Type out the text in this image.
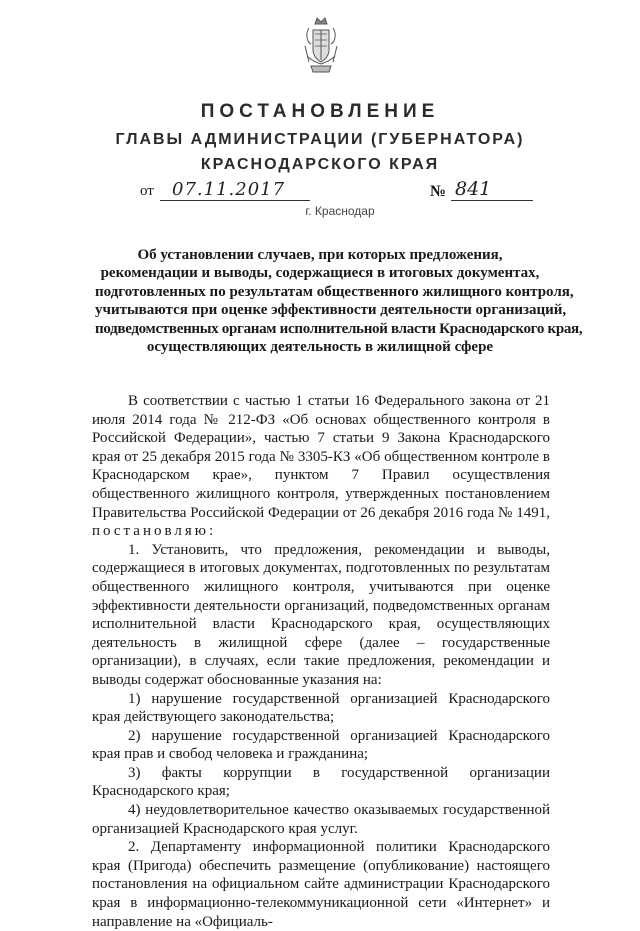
ПОСТАНОВЛЕНИЕ
ГЛАВЫ АДМИНИСТРАЦИИ (ГУБЕРНАТОРА)
КРАСНОДАРСКОГО КРАЯ
от 07.11.2017	№ 841
г. Краснодар
Об установлении случаев, при которых предложения,
рекомендации и выводы, содержащиеся в итоговых документах,
подготовленных по результатам общественного жилищного контроля,
учитываются при оценке эффективности деятельности организаций,
подведомственных органам исполнительной власти Краснодарского края,
осуществляющих деятельность в жилищной сфере

В соответствии с частью 1 статьи 16 Федерального закона от 21 июля 2014 года № 212-ФЗ «Об основах общественного контроля в Российской Федерации», частью 7 статьи 9 Закона Краснодарского края от 25 декабря 2015 года № 3305-КЗ «Об общественном контроле в Краснодарском крае», пунктом 7 Правил осуществления общественного жилищного контроля, утвержденных постановлением Правительства Российской Федерации от 26 декабря 2016 года № 1491, постановляю:

1. Установить, что предложения, рекомендации и выводы, содержащиеся в итоговых документах, подготовленных по результатам общественного жилищного контроля, учитываются при оценке эффективности деятельности организаций, подведомственных органам исполнительной власти Краснодарского края, осуществляющих деятельность в жилищной сфере (далее – государственные организации), в случаях, если такие предложения, рекомендации и выводы содержат обоснованные указания на:

1) нарушение государственной организацией Краснодарского края действующего законодательства;

2) нарушение государственной организацией Краснодарского края прав и свобод человека и гражданина;

3) факты коррупции в государственной организации Краснодарского края;

4) неудовлетворительное качество оказываемых государственной организацией Краснодарского края услуг.

2. Департаменту информационной политики Краснодарского края (Пригода) обеспечить размещение (опубликование) настоящего постановления на официальном сайте администрации Краснодарского края в информационно-телекоммуникационной сети «Интернет» и направление на «Официаль-
